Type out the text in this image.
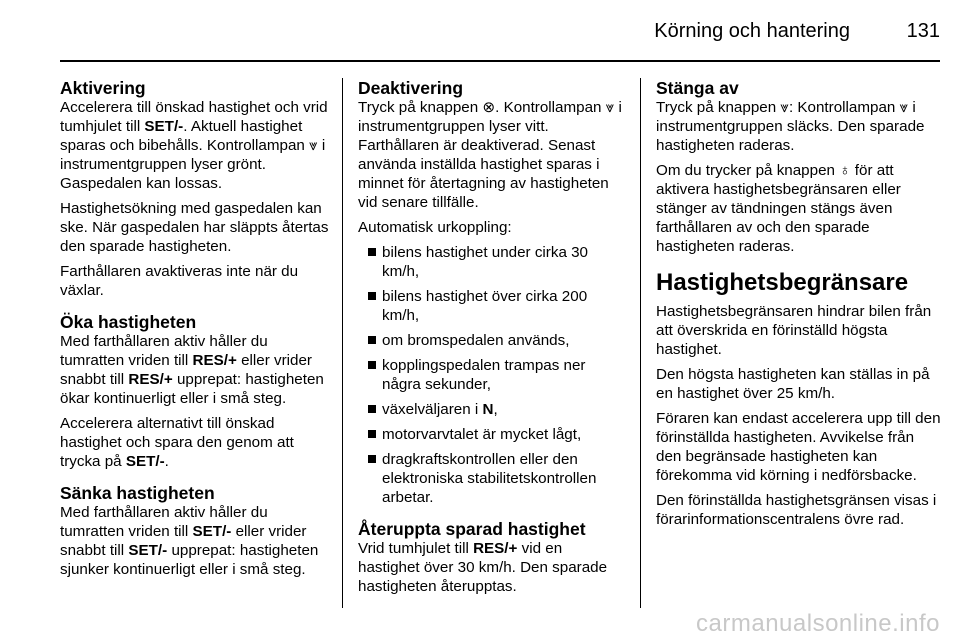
Körning och hantering	131
Aktivering

Accelerera till önskad hastighet och vrid tumhjulet till SET/-. Aktuell hastighet sparas och bibehålls. Kontrollampan ⩔ i instrumentgruppen lyser grönt. Gaspedalen kan lossas.

Hastighetsökning med gaspedalen kan ske. När gaspedalen har släppts återtas den sparade hastigheten.

Farthållaren avaktiveras inte när du växlar.

Öka hastigheten

Med farthållaren aktiv håller du tumratten vriden till RES/+ eller vrider snabbt till RES/+ upprepat: hastigheten ökar kontinuerligt eller i små steg.

Accelerera alternativt till önskad hastighet och spara den genom att trycka på SET/-.

Sänka hastigheten

Med farthållaren aktiv håller du tumratten vriden till SET/- eller vrider snabbt till SET/- upprepat: hastigheten sjunker kontinuerligt eller i små steg.

Deaktivering

Tryck på knappen ⊗. Kontrollampan ⩔ i instrumentgruppen lyser vitt. Farthållaren är deaktiverad. Senast använda inställda hastighet sparas i minnet för återtagning av hastigheten vid senare tillfälle.

Automatisk urkoppling:

bilens hastighet under cirka 30 km/h,
bilens hastighet över cirka 200 km/h,
om bromspedalen används,
kopplingspedalen trampas ner några sekunder,
växelväljaren i N,
motorvarvtalet är mycket lågt,
dragkraftskontrollen eller den elektroniska stabilitetskontrollen arbetar.
Återuppta sparad hastighet

Vrid tumhjulet till RES/+ vid en hastighet över 30 km/h. Den sparade hastigheten återupptas.

Stänga av

Tryck på knappen ⩔: Kontrollampan ⩔ i instrumentgruppen släcks. Den sparade hastigheten raderas.

Om du trycker på knappen ♁ för att aktivera hastighetsbegränsaren eller stänger av tändningen stängs även farthållaren av och den sparade hastigheten raderas.

Hastighetsbegränsare

Hastighetsbegränsaren hindrar bilen från att överskrida en förinställd högsta hastighet.

Den högsta hastigheten kan ställas in på en hastighet över 25 km/h.

Föraren kan endast accelerera upp till den förinställda hastigheten. Avvikelse från den begränsade hastigheten kan förekomma vid körning i nedförsbacke.

Den förinställda hastighetsgränsen visas i förarinformationscentralens övre rad.

carmanualsonline.info
